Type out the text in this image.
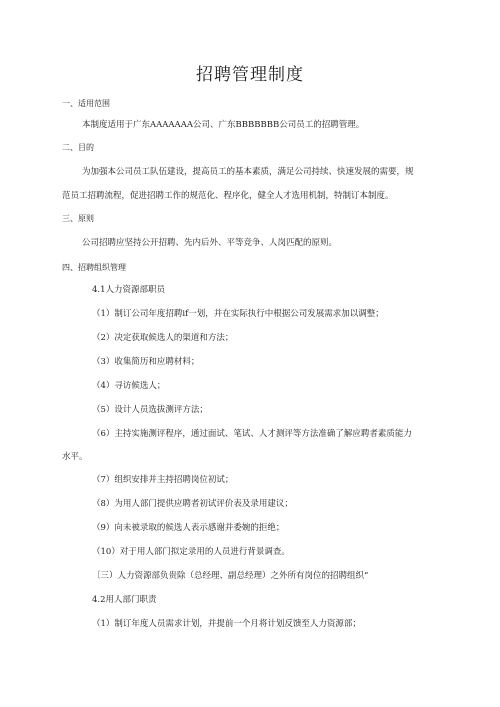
招聘管理制度
一、适用范围
本制度适用于广东AAAAAAA公司、广东BBBBBBB公司员工的招聘管理。
二、目的
为加强本公司员工队伍建设，提高员工的基本素质，满足公司持续、快速发展的需要，规
范员工招聘流程，促进招聘工作的规范化、程序化，健全人才选用机制，特制订本制度。
三、原则
公司招聘应坚持公开招聘、先内后外、平等竞争、人岗匹配的原则。
四、招聘组织管理
4.1人力资源部职员
（1）制订公司年度招聘if一划，并在实际执行中根据公司发展需求加以调整；
（2）决定获取候选人的渠道和方法；
（3）收集简历和应聘材料；
（4）寻访候选人；
（5）设计人员选拔测评方法；
（6）主持实施测评程序，通过面试、笔试、人才测评等方法准确了解应聘者素质能力
水平。
（7）组织安排并主持招聘岗位初试；
（8）为用人部门提供应聘者初试评价表及录用建议；
（9）向未被录取的候选人表示感谢并委婉的拒绝；
（10）对于用人部门拟定录用的人员进行背景调查。
〔三）人力资源部负贵除（总经理、副总经理）之外所有岗位的招聘组织“
4.2用人部门职责
（1）制订年度人员需求计划，并提前一个月将计划反馈至人力资源部；
